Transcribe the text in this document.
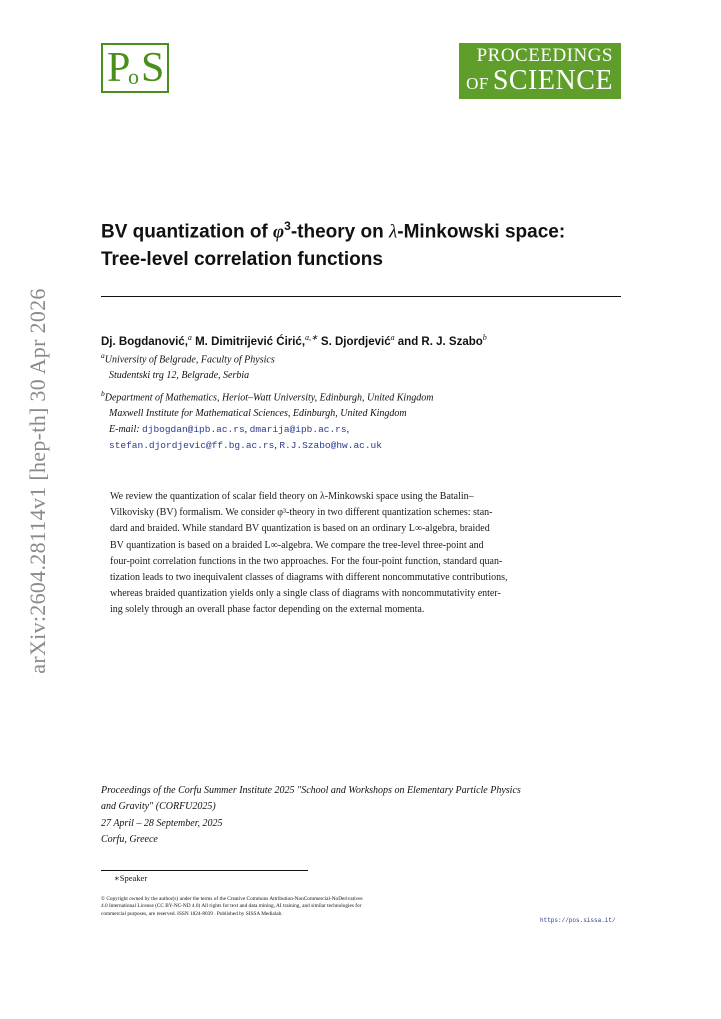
P
o S	PROCEEDINGS
OF SCIENCE
arXiv:2604.28114v1 [hep-th] 30 Apr 2026
BV quantization of $\varphi^3$-theory on λ-Minkowski space:
Tree-level correlation functions
Dj. Bogdanović,$^a$ M. Dimitrijević Ćirić,$^{a,∗}$ S. Djordjević$^a$ and R. J. Szabo$^b$
$^a$University of Belgrade, Faculty of Physics
Studentski trg 12, Belgrade, Serbia
$^b$Department of Mathematics, Heriot–Watt University, Edinburgh, United Kingdom
Maxwell Institute for Mathematical Sciences, Edinburgh, United Kingdom
E-mail: djbogdan@ipb.ac.rs, dmarija@ipb.ac.rs,
stefan.djordjevic@ff.bg.ac.rs, R.J.Szabo@hw.ac.uk

We review the quantization of scalar field theory on λ-Minkowski space using the Batalin–

Vilkovisky (BV) formalism. We consider φ³-theory in two different quantization schemes: stan-

dard and braided. While standard BV quantization is based on an ordinary L∞-algebra, braided

BV quantization is based on a braided L∞-algebra. We compare the tree-level three-point and

four-point correlation functions in the two approaches. For the four-point function, standard quan-

tization leads to two inequivalent classes of diagrams with different noncommutative contributions,

whereas braided quantization yields only a single class of diagrams with noncommutativity enter-

ing solely through an overall phase factor depending on the external momenta.

Proceedings of the Corfu Summer Institute 2025 "School and Workshops on Elementary Particle Physics
and Gravity" (CORFU2025)
27 April – 28 September, 2025
Corfu, Greece
∗Speaker
© Copyright owned by the author(s) under the terms of the Creative Commons Attribution-NonCommercial-NoDerivatives
4.0 International License (CC BY-NC-ND 4.0) All rights for text and data mining, AI training, and similar technologies for
commercial purposes, are reserved. ISSN 1824-8039 . Published by SISSA Medialab.
https://pos.sissa.it/
